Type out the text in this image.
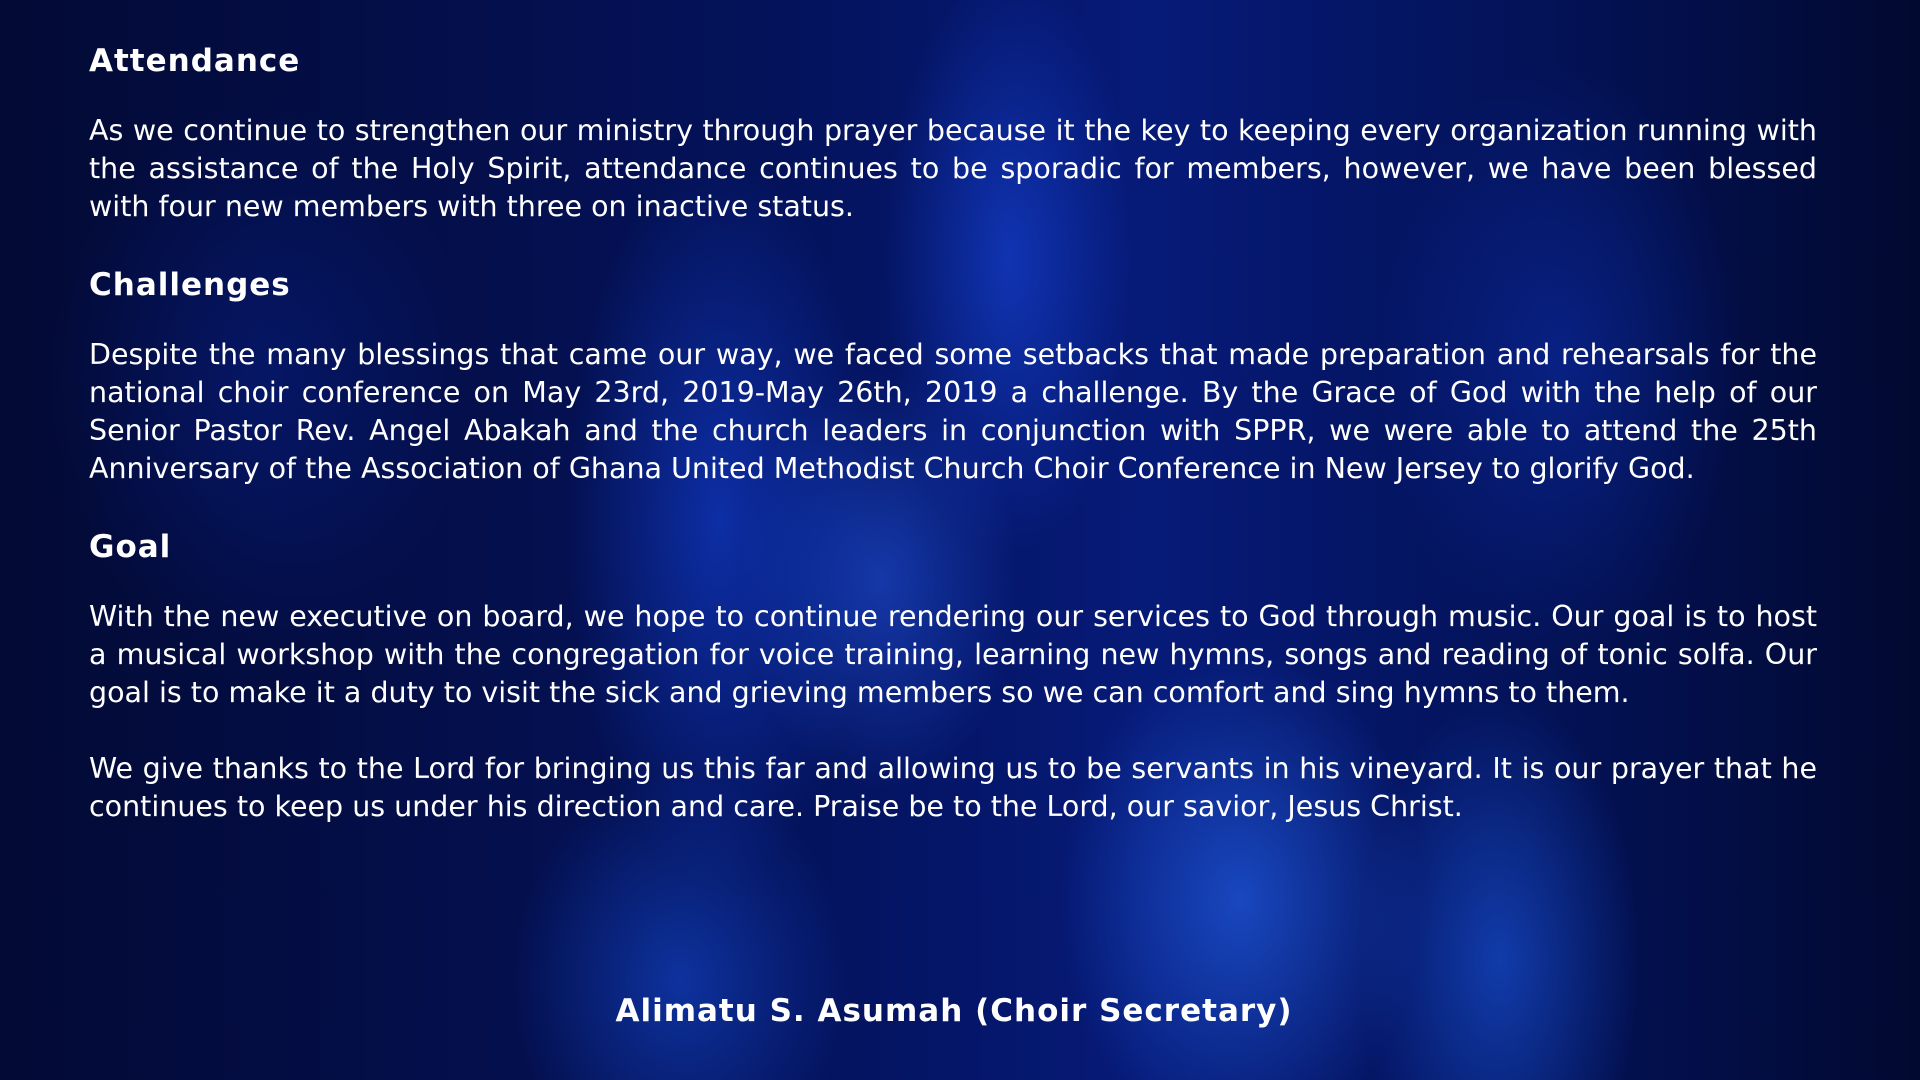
Attendance

As we continue to strengthen our ministry through prayer because it the key to keeping every organization running with the assistance of the Holy Spirit, attendance continues to be sporadic for members, however, we have been blessed with four new members with three on inactive status.

Challenges

Despite the many blessings that came our way, we faced some setbacks that made preparation and rehearsals for the national choir conference on May 23rd, 2019-May 26th, 2019 a challenge. By the Grace of God with the help of our Senior Pastor Rev. Angel Abakah and the church leaders in conjunction with SPPR, we were able to attend the 25th Anniversary of the Association of Ghana United Methodist Church Choir Conference in New Jersey to glorify God.

Goal

With the new executive on board, we hope to continue rendering our services to God through music. Our goal is to host a musical workshop with the congregation for voice training, learning new hymns, songs and reading of tonic solfa. Our goal is to make it a duty to visit the sick and grieving members so we can comfort and sing hymns to them.

We give thanks to the Lord for bringing us this far and allowing us to be servants in his vineyard. It is our prayer that he continues to keep us under his direction and care. Praise be to the Lord, our savior, Jesus Christ.

Alimatu S. Asumah (Choir Secretary)
